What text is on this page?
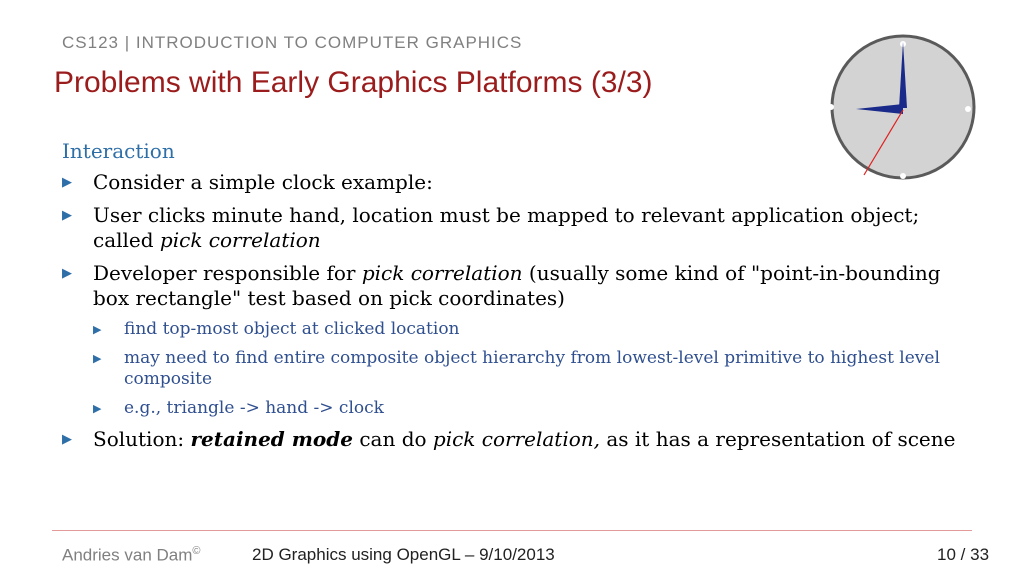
CS123 | INTRODUCTION TO COMPUTER GRAPHICS
Problems with Early Graphics Platforms (3/3)
Interaction
▶ Consider a simple clock example:
▶ User clicks minute hand, location must be mapped to relevant application object; called pick correlation
▶ Developer responsible for pick correlation (usually some kind of "point-in-bounding box rectangle" test based on pick coordinates)
▶ find top-most object at clicked location
▶ may need to find entire composite object hierarchy from lowest-level primitive to highest level composite
▶ e.g., triangle -> hand -> clock
▶ Solution: retained mode can do pick correlation, as it has a representation of scene
Andries van Dam©	2D Graphics using OpenGL – 9/10/2013	10 / 33
